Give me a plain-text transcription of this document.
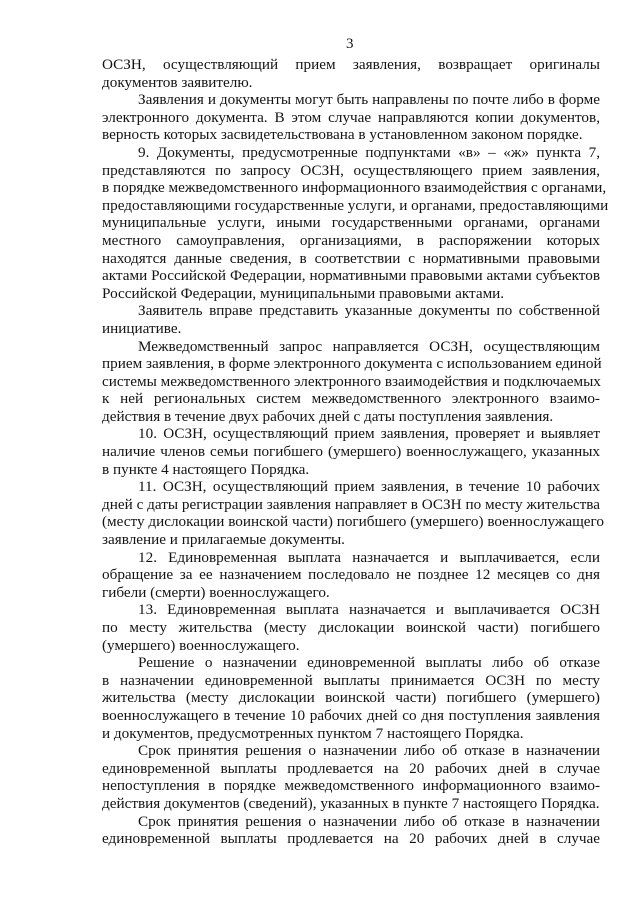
3
ОСЗН, осуществляющий прием заявления, возвращает оригиналы
документов заявителю.
Заявления и документы могут быть направлены по почте либо в форме
электронного документа. В этом случае направляются копии документов,
верность которых засвидетельствована в установленном законом порядке.
9. Документы, предусмотренные подпунктами «в» – «ж» пункта 7,
представляются по запросу ОСЗН, осуществляющего прием заявления,
в порядке межведомственного информационного взаимодействия с органами,
предоставляющими государственные услуги, и органами, предоставляющими
муниципальные услуги, иными государственными органами, органами
местного самоуправления, организациями, в распоряжении которых
находятся данные сведения, в соответствии с нормативными правовыми
актами Российской Федерации, нормативными правовыми актами субъектов
Российской Федерации, муниципальными правовыми актами.
Заявитель вправе представить указанные документы по собственной
инициативе.
Межведомственный запрос направляется ОСЗН, осуществляющим
прием заявления, в форме электронного документа с использованием единой
системы межведомственного электронного взаимодействия и подключаемых
к ней региональных систем межведомственного электронного взаимо-
действия в течение двух рабочих дней с даты поступления заявления.
10. ОСЗН, осуществляющий прием заявления, проверяет и выявляет
наличие членов семьи погибшего (умершего) военнослужащего, указанных
в пункте 4 настоящего Порядка.
11. ОСЗН, осуществляющий прием заявления, в течение 10 рабочих
дней с даты регистрации заявления направляет в ОСЗН по месту жительства
(месту дислокации воинской части) погибшего (умершего) военнослужащего
заявление и прилагаемые документы.
12. Единовременная выплата назначается и выплачивается, если
обращение за ее назначением последовало не позднее 12 месяцев со дня
гибели (смерти) военнослужащего.
13. Единовременная выплата назначается и выплачивается ОСЗН
по месту жительства (месту дислокации воинской части) погибшего
(умершего) военнослужащего.
Решение о назначении единовременной выплаты либо об отказе
в назначении единовременной выплаты принимается ОСЗН по месту
жительства (месту дислокации воинской части) погибшего (умершего)
военнослужащего в течение 10 рабочих дней со дня поступления заявления
и документов, предусмотренных пунктом 7 настоящего Порядка.
Срок принятия решения о назначении либо об отказе в назначении
единовременной выплаты продлевается на 20 рабочих дней в случае
непоступления в порядке межведомственного информационного взаимо-
действия документов (сведений), указанных в пункте 7 настоящего Порядка.
Срок принятия решения о назначении либо об отказе в назначении
единовременной выплаты продлевается на 20 рабочих дней в случае
